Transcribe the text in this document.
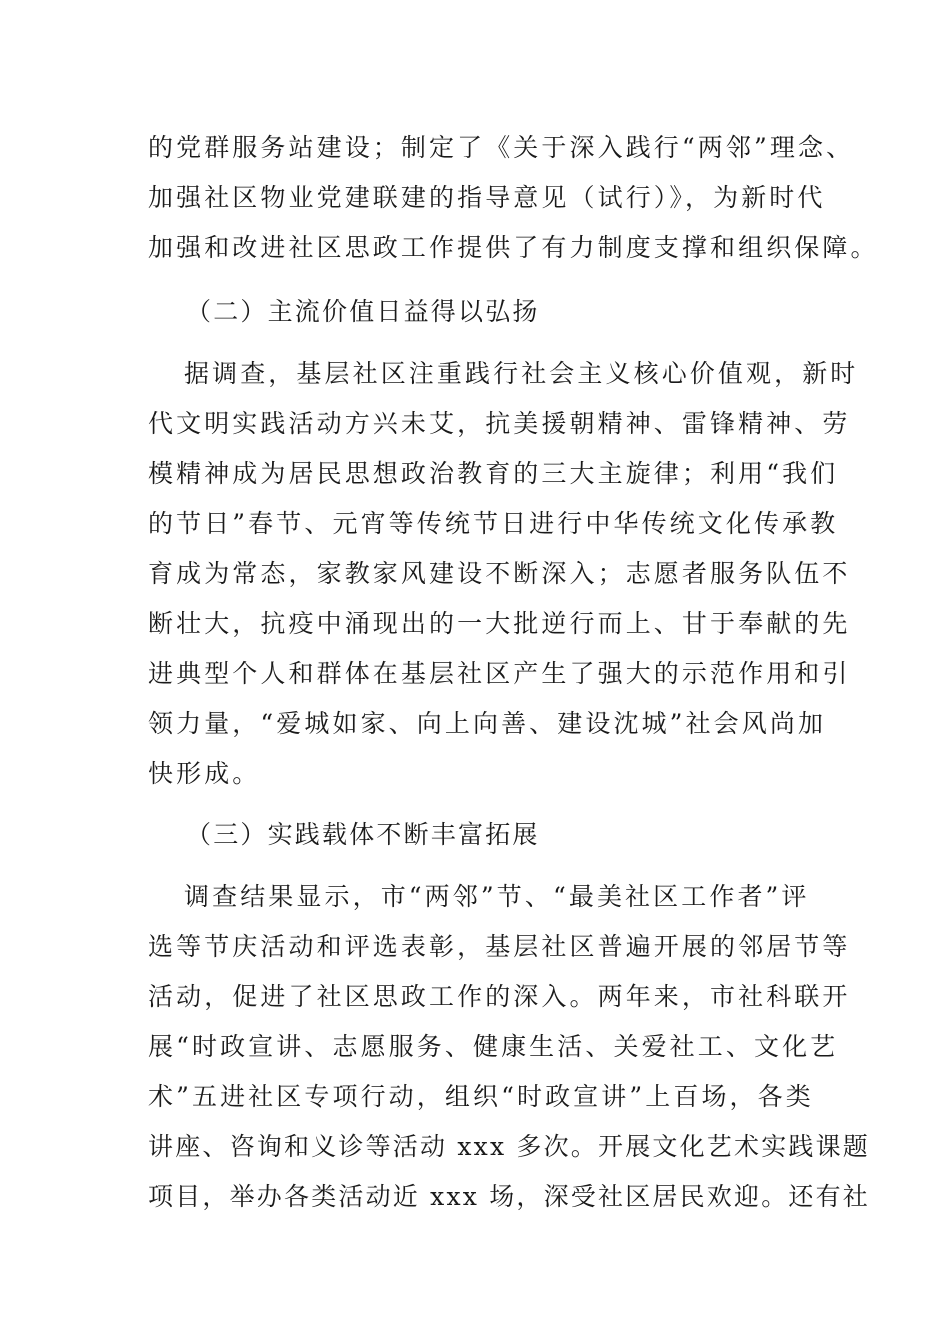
的党群服务站建设；制定了《关于深入践行“两邻”理念、
加强社区物业党建联建的指导意见（试行）》，为新时代
加强和改进社区思政工作提供了有力制度支撑和组织保障。
（二）主流价值日益得以弘扬
据调查，基层社区注重践行社会主义核心价值观，新时
代文明实践活动方兴未艾，抗美援朝精神、雷锋精神、劳
模精神成为居民思想政治教育的三大主旋律；利用“我们
的节日”春节、元宵等传统节日进行中华传统文化传承教
育成为常态，家教家风建设不断深入；志愿者服务队伍不
断壮大，抗疫中涌现出的一大批逆行而上、甘于奉献的先
进典型个人和群体在基层社区产生了强大的示范作用和引
领力量，“爱城如家、向上向善、建设沈城”社会风尚加
快形成。
（三）实践载体不断丰富拓展
调查结果显示，市“两邻”节、“最美社区工作者”评
选等节庆活动和评选表彰，基层社区普遍开展的邻居节等
活动，促进了社区思政工作的深入。两年来，市社科联开
展“时政宣讲、志愿服务、健康生活、关爱社工、文化艺
术”五进社区专项行动，组织“时政宣讲”上百场，各类
讲座、咨询和义诊等活动 xxx 多次。开展文化艺术实践课题
项目，举办各类活动近 xxx 场，深受社区居民欢迎。还有社
